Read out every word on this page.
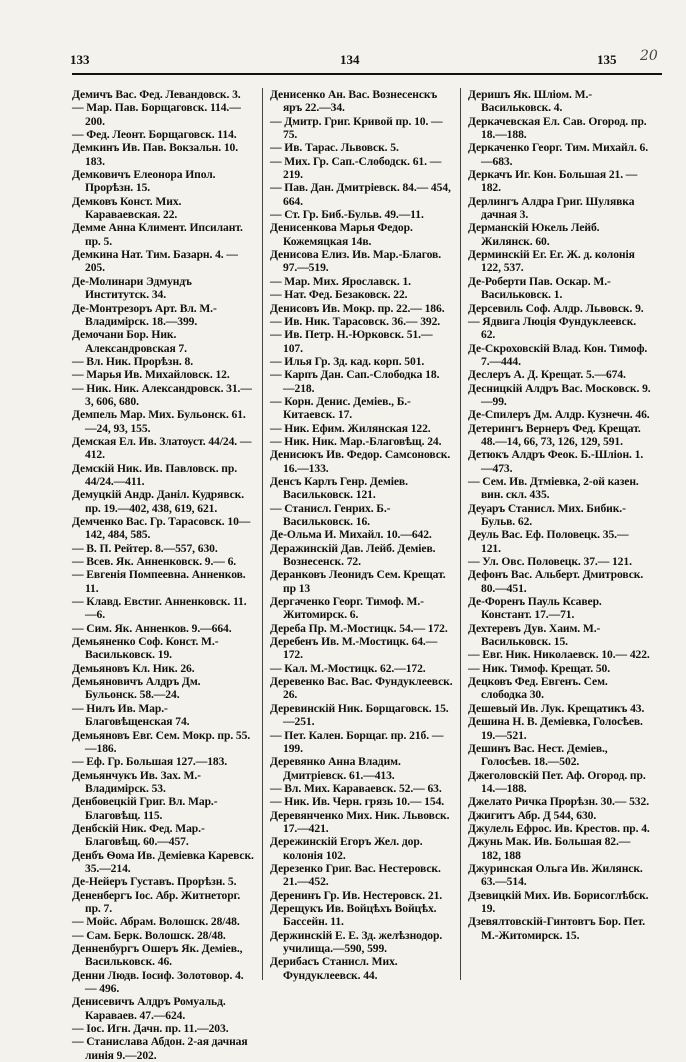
133	134	135 20

Демичъ Вас. Фед. Левандовск. 3.

— Мар. Пав. Борщаговск. 114.—200.

— Фед. Леонт. Борщаговск. 114.

Демкинъ Ив. Пав. Вокзальн. 10. 183.

Демковичъ Елеонора Ипол. Прорѣзн. 15.

Демковъ Конст. Мих. Караваевская. 22.

Демме Анна Климент. Ипсилант. пр. 5.

Демкина Нат. Тим. Базарн. 4. —205.

Де-Молинари Эдмундъ Институтск. 34.

Де-Монтрезоръ Арт. Вл. М.-Владимірск. 18.—399.

Демочани Бор. Ник. Александровская 7.

— Вл. Ник. Прорѣзн. 8.

— Марья Ив. Михайловск. 12.

— Ник. Ник. Александровск. 31.—3, 606, 680.

Демпель Мар. Мих. Бульонск. 61. —24, 93, 155.

Демская Ел. Ив. Златоуст. 44/24. —412.

Демскій Ник. Ив. Павловск. пр. 44/24.—411.

Демуцкій Андр. Даніл. Кудрявск. пр. 19.—402, 438, 619, 621.

Демченко Вас. Гр. Тарасовск. 10—142, 484, 585.

— В. П. Рейтер. 8.—557, 630.

— Всев. Як. Анненковск. 9.— 6.

— Евгенія Помпеевна. Анненков. 11.

— Клавд. Евстиг. Анненковск. 11.—6.

— Сим. Як. Анненков. 9.—664.

Демьяненко Соф. Конст. М.-Васильковск. 19.

Демьяновъ Кл. Ник. 26.

Демьяновичъ Алдръ Дм. Бульонск. 58.—24.

— Нилъ Ив. Мар.-Благовѣщенская 74.

Демьяновъ Евг. Сем. Мокр. пр. 55.—186.

— Еф. Гр. Большая 127.—183.

Демьянчукъ Ив. Зах. М.-Владимірск. 53.

Денбовецкій Григ. Вл. Мар.-Благовѣщ. 115.

Денбскій Ник. Фед. Мар.-Благовѣщ. 60.—457.

Денбъ Ѳома Ив. Деміевка Каревск. 35.—214.

Де-Нейеръ Густавъ. Прорѣзн. 5.

Дененбергъ Іос. Абр. Житнеторг. пр. 7.

— Мойс. Абрам. Волошск. 28/48.

— Сам. Берк. Волошск. 28/48.

Денненбургъ Ошеръ Як. Деміев., Васильковск. 46.

Денни Людв. Іосиф. Золотовор. 4.— 496.

Денисевичъ Алдръ Ромуальд. Караваев. 47.—624.

— Іос. Игн. Дачн. пр. 11.—203.

— Станислава Абдон. 2-ая дачная линія 9.—202.

Денисенко Ан. Вас. Вознесенскъ яръ 22.—34.

— Дмитр. Григ. Кривой пр. 10. —75.

— Ив. Тарас. Львовск. 5.

— Мих. Гр. Сап.-Слободск. 61. —219.

— Пав. Дан. Дмитріевск. 84.— 454, 664.

— Ст. Гр. Биб.-Бульв. 49.—11.

Денисенкова Марья Федор. Кожемяцкая 14в.

Денисова Елиз. Ив. Мар.-Благов. 97.—519.

— Мар. Мих. Ярославск. 1.

— Нат. Фед. Безаковск. 22.

Денисовъ Ив. Мокр. пр. 22.— 186.

— Ив. Ник. Тарасовск. 36.— 392.

— Ив. Петр. Н.-Юрковск. 51.— 107.

— Илья Гр. Зд. кад. корп. 501.

— Карпъ Дан. Сап.-Слободка 18. —218.

— Корн. Денис. Деміев., Б.-Китаевск. 17.

— Ник. Ефим. Жилянская 122.

— Ник. Ник. Мар.-Благовѣщ. 24.

Денисюкъ Ив. Федор. Самсоновск. 16.—133.

Денсъ Карлъ Генр. Деміев. Васильковск. 121.

— Станисл. Генрих. Б.-Васильковск. 16.

Де-Ольма И. Михайл. 10.—642.

Деражинскій Дав. Лейб. Деміев. Вознесенск. 72.

Деранковъ Леонидъ Сем. Крещат. пр 13

Дергаченко Георг. Тимоф. М.-Житомирск. 6.

Дереба Пр. М.-Мостицк. 54.— 172.

Деребенъ Ив. М.-Мостицк. 64.— 172.

— Кал. М.-Мостицк. 62.—172.

Деревенко Вас. Вас. Фундуклеевск. 26.

Деревинскій Ник. Борщаговск. 15. —251.

— Пет. Кален. Борщаг. пр. 21б. —199.

Деревянко Анна Владим. Дмитріевск. 61.—413.

— Вл. Мих. Караваевск. 52.— 63.

— Ник. Ив. Черн. грязь 10.— 154.

Деревянченко Мих. Ник. Львовск. 17.—421.

Дережинскій Егоръ Жел. дор. колонія 102.

Дерезенко Григ. Вас. Нестеровск. 21.—452.

Деренинъ Гр. Ив. Нестеровск. 21.

Дерещукъ Ив. Войцѣхъ Войцѣх. Бассейн. 11.

Держинскій Е. Е. Зд. желѣзнодор. училища.—590, 599.

Дерибасъ Станисл. Мих. Фундуклеевск. 44.

Деришъ Як. Шліом. М.-Васильковск. 4.

Деркачевская Ел. Сав. Огород. пр. 18.—188.

Деркаченко Георг. Тим. Михайл. 6.—683.

Деркачъ Иг. Кон. Большая 21. —182.

Дерлингъ Алдра Григ. Шулявка дачная 3.

Дерманскій Юкель Лейб. Жилянск. 60.

Дерминскій Ег. Ег. Ж. д. колонія 122, 537.

Де-Роберти Пав. Оскар. М.-Васильковск. 1.

Дерсевиль Соф. Алдр. Львовск. 9.

— Ядвига Люція Фундуклеевск. 62.

Де-Скроховскій Влад. Кон. Тимоф. 7.—444.

Деслеръ А. Д. Крещат. 5.—674.

Десницкій Алдръ Вас. Московск. 9.—99.

Де-Спилеръ Дм. Алдр. Кузнечн. 46.

Детерингъ Вернеръ Фед. Крещат. 48.—14, 66, 73, 126, 129, 591.

Детюкъ Алдръ Феок. Б.-Шліон. 1.—473.

— Сем. Ив. Дтміевка, 2-ой казен. вин. скл. 435.

Деуаръ Станисл. Мих. Бибик.-Бульв. 62.

Деуль Вас. Еф. Половецк. 35.— 121.

— Ул. Овс. Половецк. 37.— 121.

Дефонъ Вас. Альберт. Дмитровск. 80.—451.

Де-Форенъ Пауль Ксавер. Констант. 17.—71.

Дехтеревъ Дув. Хаим. М.-Васильковск. 15.

— Евг. Ник. Николаевск. 10.— 422.

— Ник. Тимоф. Крещат. 50.

Децковъ Фед. Евгенъ. Сем. слободка 30.

Дешевый Ив. Лук. Крещатикъ 43.

Дешина Н. В. Деміевка, Голосѣев. 19.—521.

Дешинъ Вас. Нест. Деміев., Голосѣев. 18.—502.

Джеголовскій Пет. Аф. Огород. пр. 14.—188.

Джелато Ричка Прорѣзн. 30.— 532.

Джигитъ Абр. Д 544, 630.

Джулель Ефрос. Ив. Крестов. пр. 4.

Джунь Мак. Ив. Большая 82.— 182, 188

Джуринская Ольга Ив. Жилянск. 63.—514.

Дзевицкій Мих. Ив. Борисоглѣбск. 19.

Дзевялтовскій-Гинтовтъ Бор. Пет. М.-Житомирск. 15.
